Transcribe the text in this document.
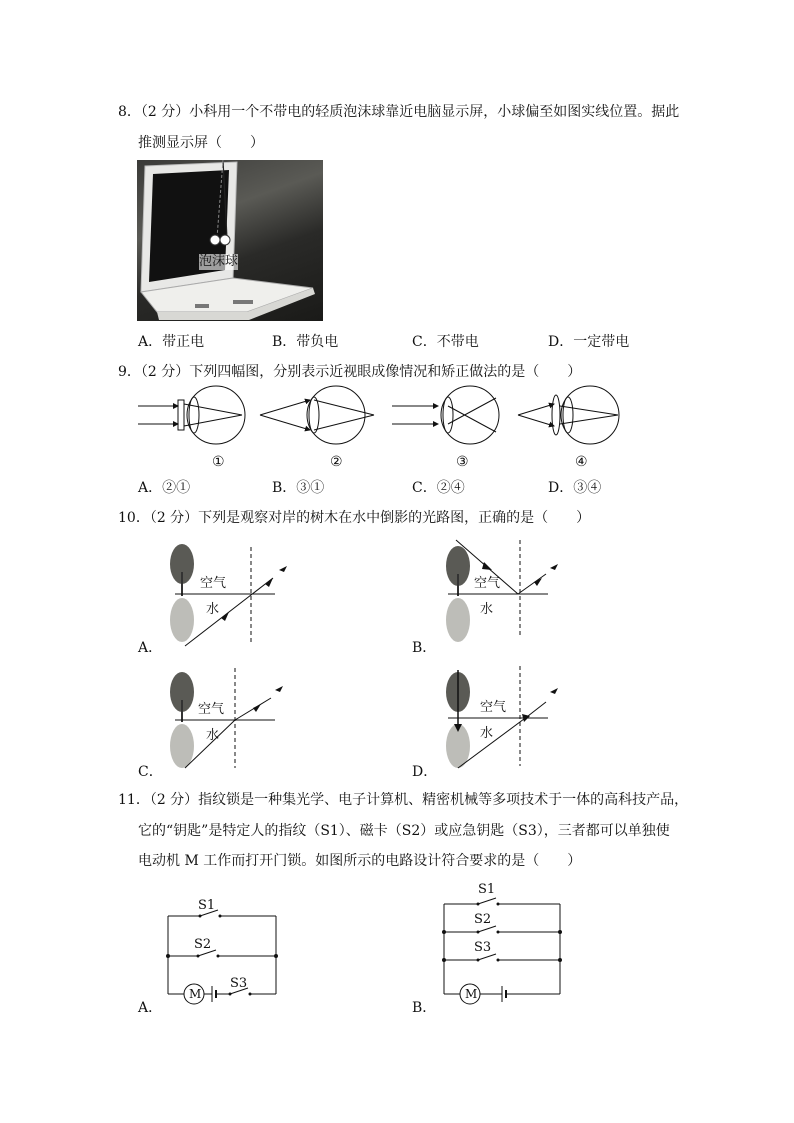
8．（2 分）小科用一个不带电的轻质泡沫球靠近电脑显示屏，小球偏至如图实线位置。据此
推测显示屏（　　）
泡沫球
A．带正电	B．带负电	C．不带电	D．一定带电
9．（2 分）下列四幅图，分别表示近视眼成像情况和矫正做法的是（　　）
①	②	③	④
A．②①	B．③①	C．②④	D．③④
10．（2 分）下列是观察对岸的树木在水中倒影的光路图，正确的是（　　）
空气
水
A．
空气
水
B．
空气
水
C．
空气
水
D．
11．（2 分）指纹锁是一种集光学、电子计算机、精密机械等多项技术于一体的高科技产品，
它的“钥匙”是特定人的指纹（S1）、磁卡（S2）或应急钥匙（S3），三者都可以单独使
电动机 M 工作而打开门锁。如图所示的电路设计符合要求的是（　　）
S1
S2
S3
M
A．
S1
S2
S3
M
B．
